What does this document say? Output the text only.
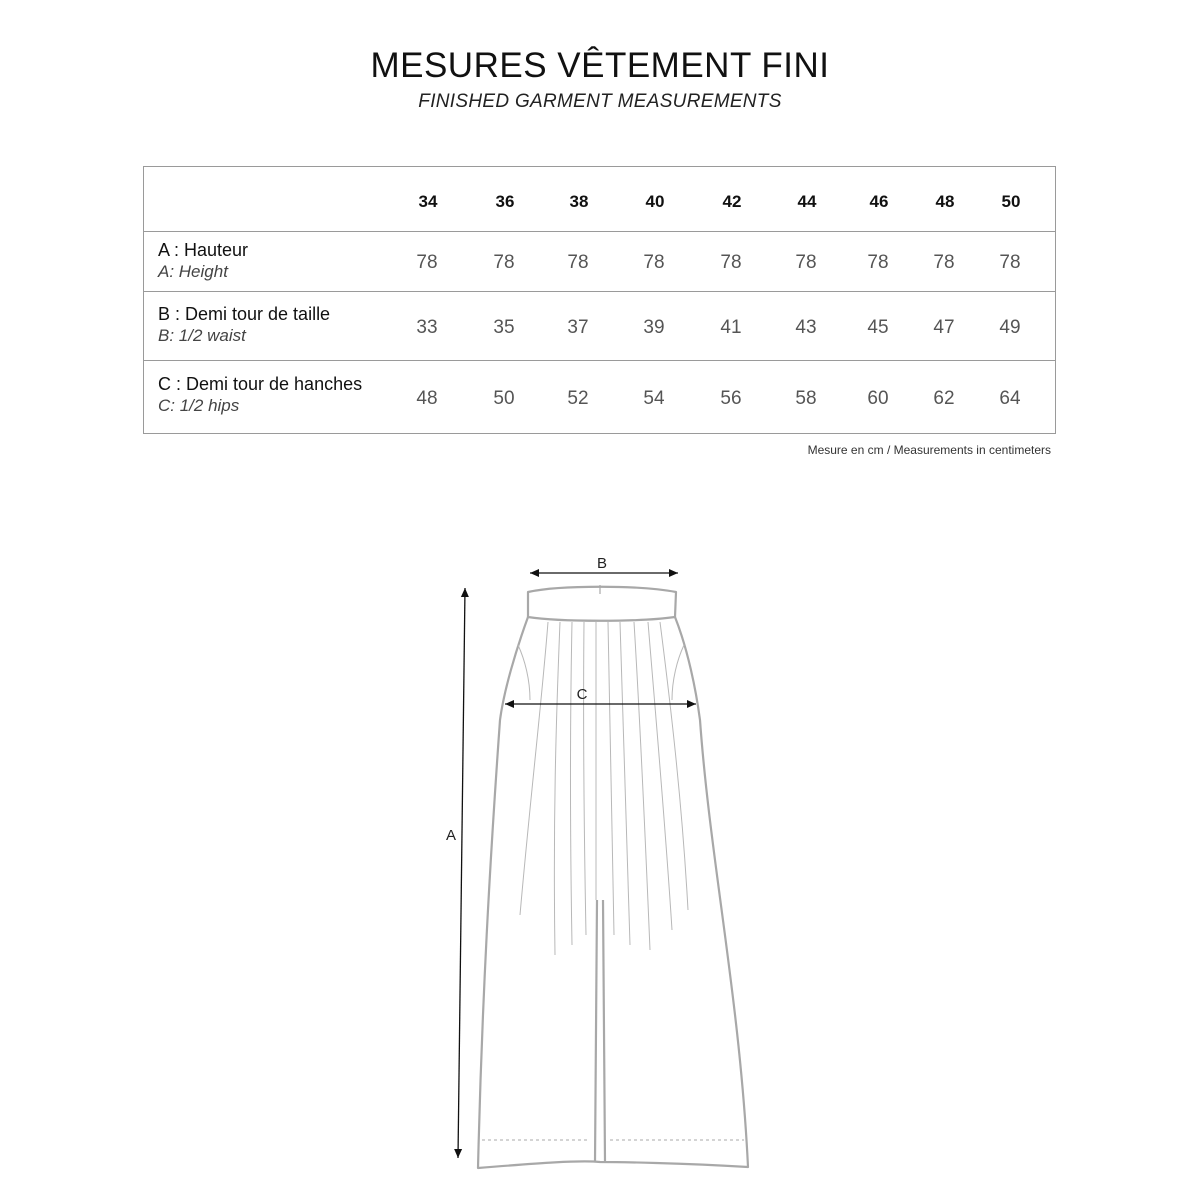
MESURES VÊTEMENT FINI
FINISHED GARMENT MEASUREMENTS
34	36	38	40	42	44	46	48	50
A : Hauteur
A: Height	78	78	78	78	78	78	78	78	78
B : Demi tour de taille
B: 1/2 waist	33	35	37	39	41	43	45	47	49
C : Demi tour de hanches
C: 1/2 hips	48	50	52	54	56	58	60	62	64
Mesure en cm / Measurements in centimeters
A
B
C
